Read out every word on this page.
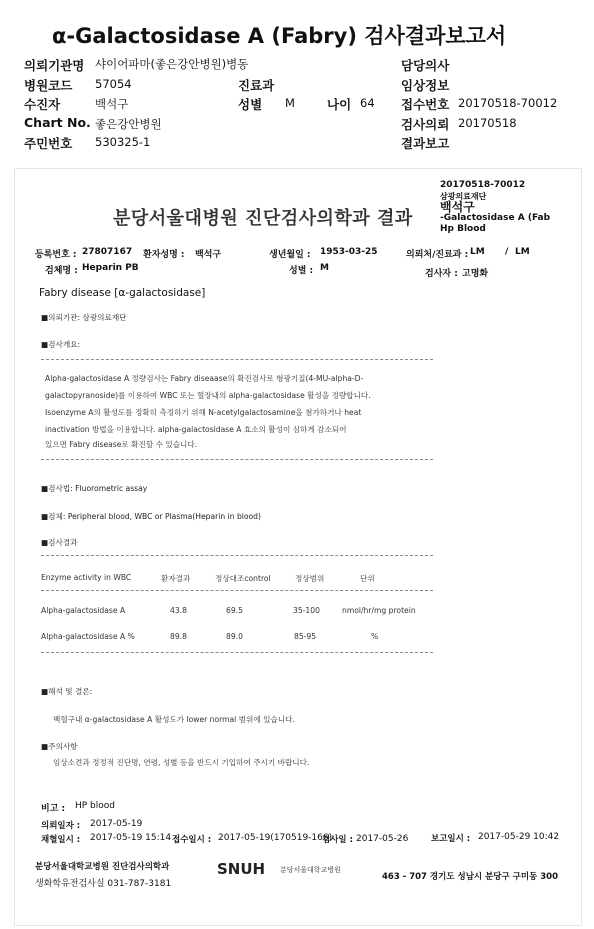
α-Galactosidase A (Fabry) 검사결과보고서
의뢰기관명 샤이어파마(좋은강안병원)병동
병원코드 57054
수진자	백석구
Chart No. 좋은강안병원
주민번호 530325-1
진료과
성별 M	나이 64
담당의사
임상정보
접수번호 20170518-70012
검사의뢰 20170518
결과보고
20170518-70012
삼광의료재단
백석구
-Galactosidase A (Fab
Hp Blood
분당서울대병원 진단검사의학과 결과
등록번호 : 27807167 환자성명 : 백석구	생년월일 : 1953-03-25	의뢰처/진료과 : LM / LM
검체명 : Heparin PB	성별 : M
검사자 : 고명화
Fabry disease [α-galactosidase]
■의뢰기관: 삼광의료재단
■검사개요:
Alpha-galactosidase A 정량검사는 Fabry diseaase의 확진검사로 형광기질(4-MU-alpha-D-
galactopyranoside)를 이용하여 WBC 또는 혈장내의 alpha-galactosidase 활성을 정량합니다.
Isoenzyme A의 활성도를 정확히 측정하기 위해 N-acetylgalactosamine을 첨가하거나 heat
inactivation 방법을 이용합니다. alpha-galactosidase A 효소의 활성이 심하게 감소되어
있으면 Fabry disease로 확진할 수 있습니다.
■검사법: Fluorometric assay
■검체: Peripheral blood, WBC or Plasma(Heparin in blood)
■검사결과
Enzyme activity in WBC	환자결과	정상대조control	정상범위	단위
Alpha-galactosidase A	43.8	69.5	35-100	nmol/hr/mg protein
Alpha-galactosidase A %	89.8	89.0	85-95	%
■해석 및 결론:
백혈구내 α-galactosidase A 활성도가 lower normal 범위에 있습니다.
■주의사항
임상소견과 정정적 진단명, 연령, 성별 등을 반드시 기입하여 주시기 바랍니다.
비고 : HP blood
의뢰일자 : 2017-05-19
채혈일시 : 2017-05-19 15:14 접수일시 : 2017-05-19(170519-166)
검사일 : 2017-05-26	보고일시 : 2017-05-29 10:42
분당서울대학교병원 진단검사의학과
생화학유전검사실 031-787-3181
SNUH 분당서울대학교병원
463 - 707 경기도 성남시 분당구 구미동 300
